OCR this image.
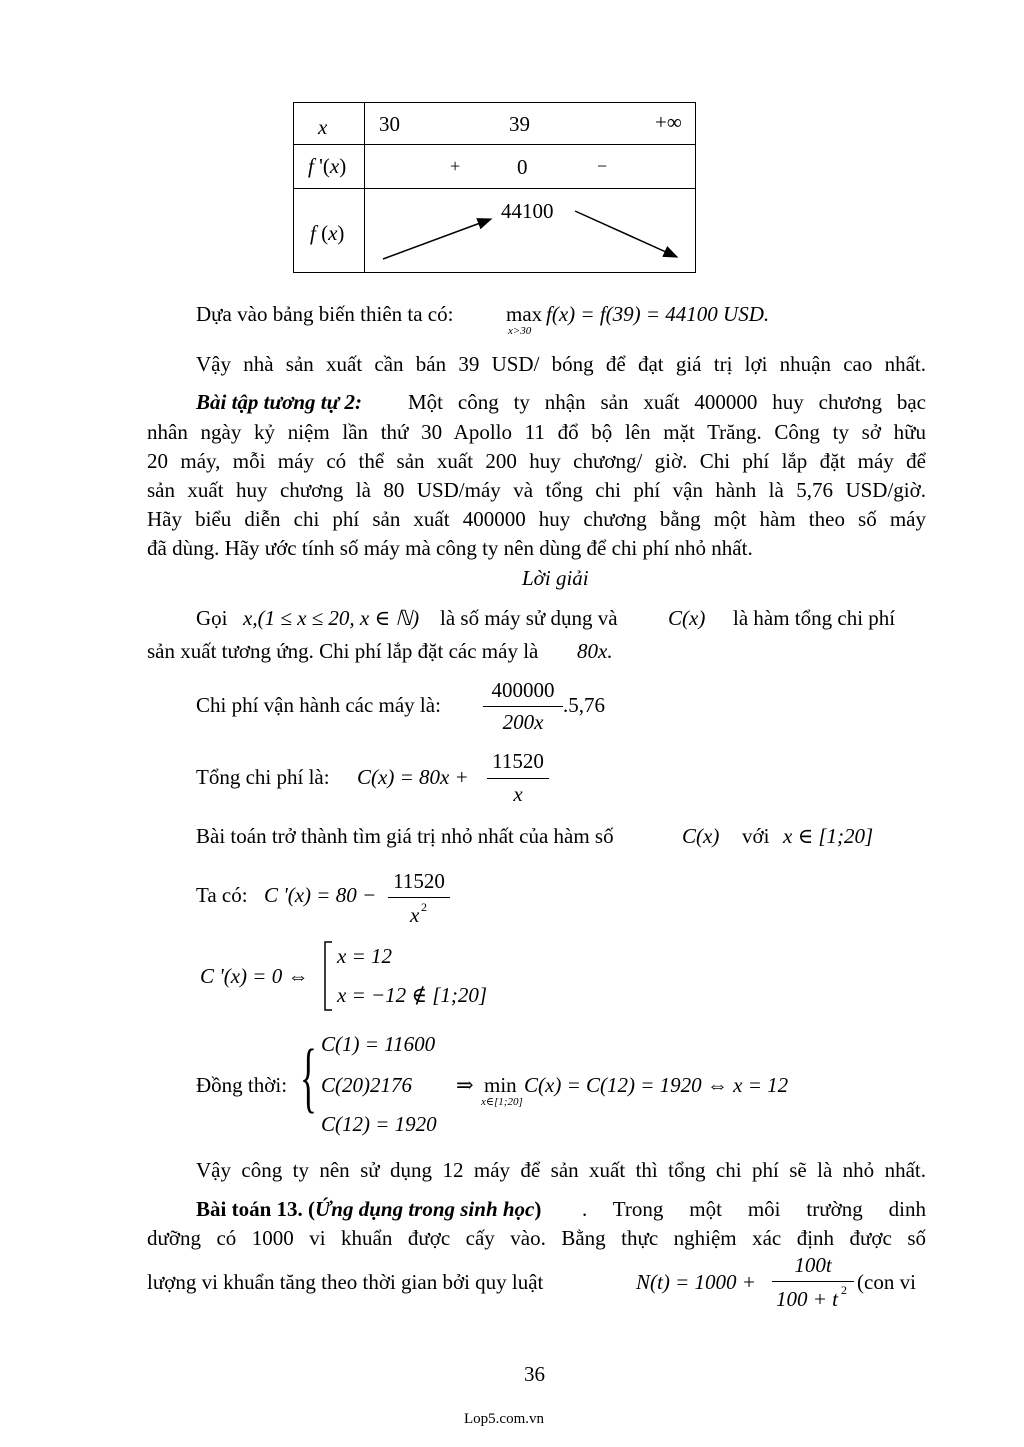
x	30 39 +∞

f '(x)	+ 0 −

f (x)	44100
Dựa vào bảng biến thiên ta có:	max
x>30
f(x) = f(39) = 44100 USD.
Vậy nhà sản xuất cần bán 39 USD/ bóng để đạt giá trị lợi nhuận cao nhất.
Bài tập tương tự 2: Một công ty nhận sản xuất 400000 huy chương bạc
nhân ngày kỷ niệm lần thứ 30 Apollo 11 đổ bộ lên mặt Trăng. Công ty sở hữu
20 máy, mỗi máy có thể sản xuất 200 huy chương/ giờ. Chi phí lắp đặt máy để
sản xuất huy chương là 80 USD/máy và tổng chi phí vận hành là 5,76 USD/giờ.
Hãy biểu diễn chi phí sản xuất 400000 huy chương bằng một hàm theo số máy
đã dùng. Hãy ước tính số máy mà công ty nên dùng để chi phí nhỏ nhất.
Lời giải
Gọi x,(1 ≤ x ≤ 20, x ∈ ℕ) là số máy sử dụng và C(x) là hàm tổng chi phí
sản xuất tương ứng. Chi phí lắp đặt các máy là 80x.
Chi phí vận hành các máy là:
400000
200x
.5,76
Tổng chi phí là: C(x) = 80x +
11520
x
Bài toán trở thành tìm giá trị nhỏ nhất của hàm số	C(x) với x ∈ [1;20]
Ta có: C '(x) = 80 −
11520
x 2
C '(x) = 0 ⇔
x = 12
x = −12 ∉ [1;20]
Đồng thời: { C(1) = 11600
C(20)2176
C(12) = 1920
⇒ min
x∈[1;20]
C(x) = C(12) = 1920 ⇔ x = 12
Vậy công ty nên sử dụng 12 máy để sản xuất thì tổng chi phí sẽ là nhỏ nhất.
Bài toán 13. (Ứng dụng trong sinh học) . Trong một môi trường dinh
dưỡng có 1000 vi khuẩn được cấy vào. Bằng thực nghiệm xác định được số
lượng vi khuẩn tăng theo thời gian bởi quy luật	N(t) = 1000 +
100t
100 + t 2 (con vi
36
Lop5.com.vn
